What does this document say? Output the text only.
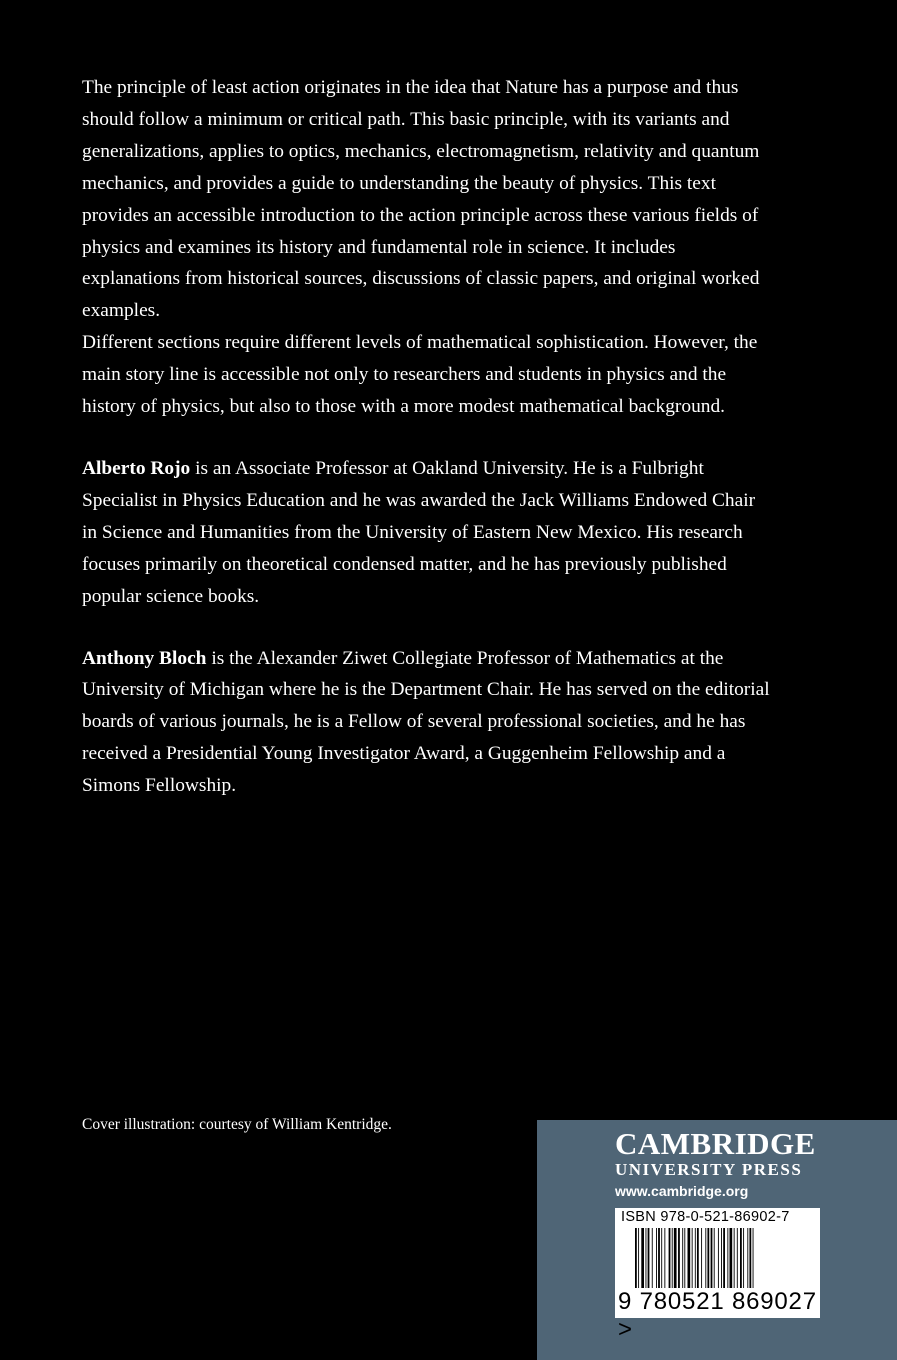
The principle of least action originates in the idea that Nature has a purpose and thus should follow a minimum or critical path. This basic principle, with its variants and generalizations, applies to optics, mechanics, electromagnetism, relativity and quantum mechanics, and provides a guide to understanding the beauty of physics. This text provides an accessible introduction to the action principle across these various fields of physics and examines its history and fundamental role in science. It includes explanations from historical sources, discussions of classic papers, and original worked examples.

Different sections require different levels of mathematical sophistication. However, the main story line is accessible not only to researchers and students in physics and the history of physics, but also to those with a more modest mathematical background.

Alberto Rojo is an Associate Professor at Oakland University. He is a Fulbright Specialist in Physics Education and he was awarded the Jack Williams Endowed Chair in Science and Humanities from the University of Eastern New Mexico. His research focuses primarily on theoretical condensed matter, and he has previously published popular science books.

Anthony Bloch is the Alexander Ziwet Collegiate Professor of Mathematics at the University of Michigan where he is the Department Chair. He has served on the editorial boards of various journals, he is a Fellow of several professional societies, and he has received a Presidential Young Investigator Award, a Guggenheim Fellowship and a Simons Fellowship.

Cover illustration: courtesy of William Kentridge.
CAMBRIDGE
UNIVERSITY PRESS
www.cambridge.org
ISBN 978-0-521-86902-7
9 780521 869027 >
